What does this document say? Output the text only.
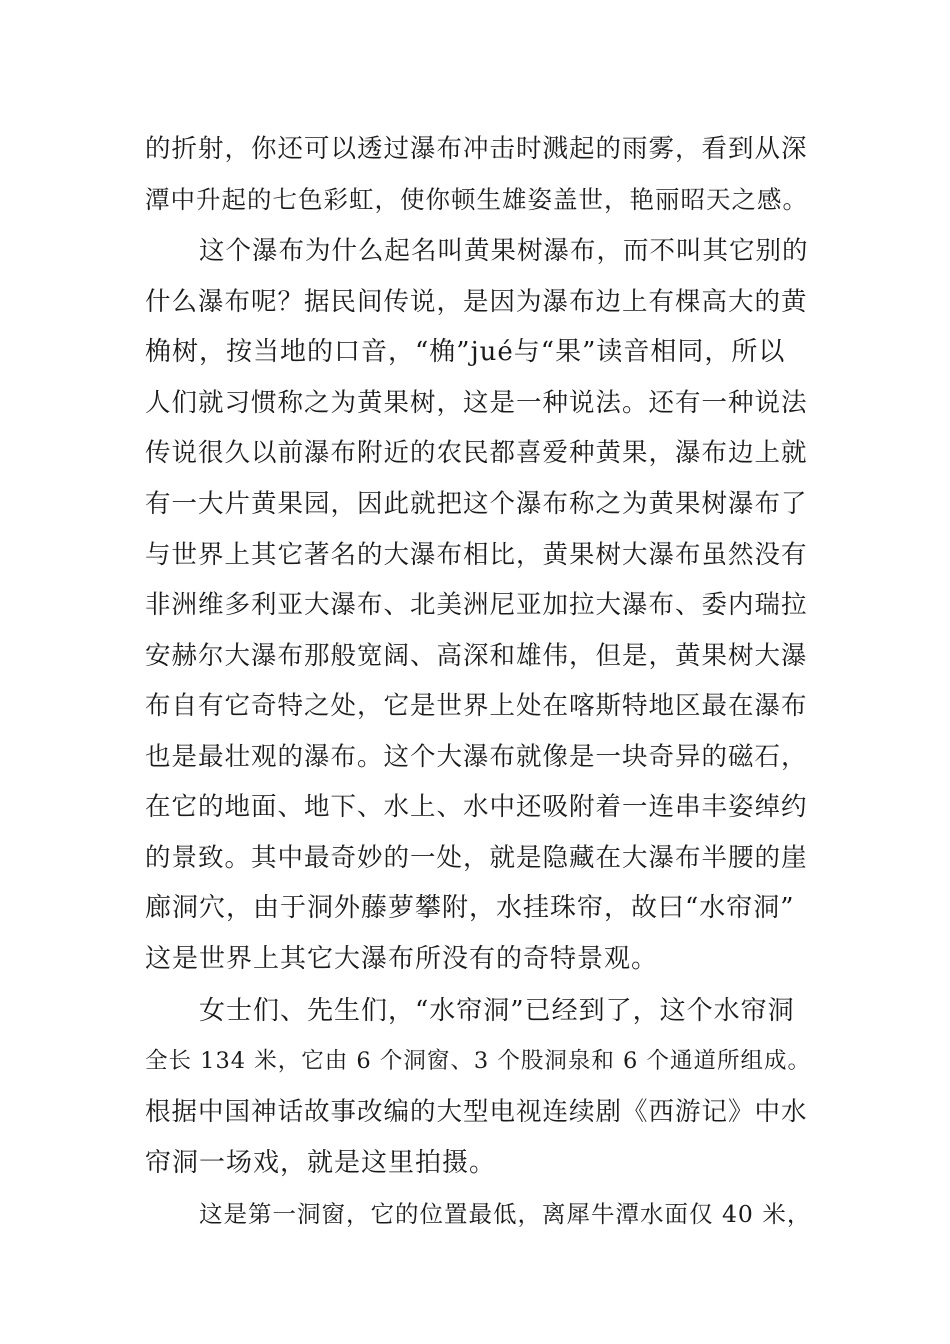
的折射，你还可以透过瀑布冲击时溅起的雨雾，看到从深
潭中升起的七色彩虹，使你顿生雄姿盖世，艳丽昭天之感。
这个瀑布为什么起名叫黄果树瀑布，而不叫其它别的
什么瀑布呢？据民间传说，是因为瀑布边上有棵高大的黄
桷树，按当地的口音，“桷”jué与“果”读音相同，所以
人们就习惯称之为黄果树，这是一种说法。还有一种说法
传说很久以前瀑布附近的农民都喜爱种黄果，瀑布边上就
有一大片黄果园，因此就把这个瀑布称之为黄果树瀑布了
与世界上其它著名的大瀑布相比，黄果树大瀑布虽然没有
非洲维多利亚大瀑布、北美洲尼亚加拉大瀑布、委内瑞拉
安赫尔大瀑布那般宽阔、高深和雄伟，但是，黄果树大瀑
布自有它奇特之处，它是世界上处在喀斯特地区最在瀑布
也是最壮观的瀑布。这个大瀑布就像是一块奇异的磁石，
在它的地面、地下、水上、水中还吸附着一连串丰姿绰约
的景致。其中最奇妙的一处，就是隐藏在大瀑布半腰的崖
廊洞穴，由于洞外藤萝攀附，水挂珠帘，故曰“水帘洞”
这是世界上其它大瀑布所没有的奇特景观。
女士们、先生们，“水帘洞”已经到了，这个水帘洞
全长 134 米，它由 6 个洞窗、3 个股洞泉和 6 个通道所组成。
根据中国神话故事改编的大型电视连续剧《西游记》中水
帘洞一场戏，就是这里拍摄。
这是第一洞窗，它的位置最低，离犀牛潭水面仅 40 米，
